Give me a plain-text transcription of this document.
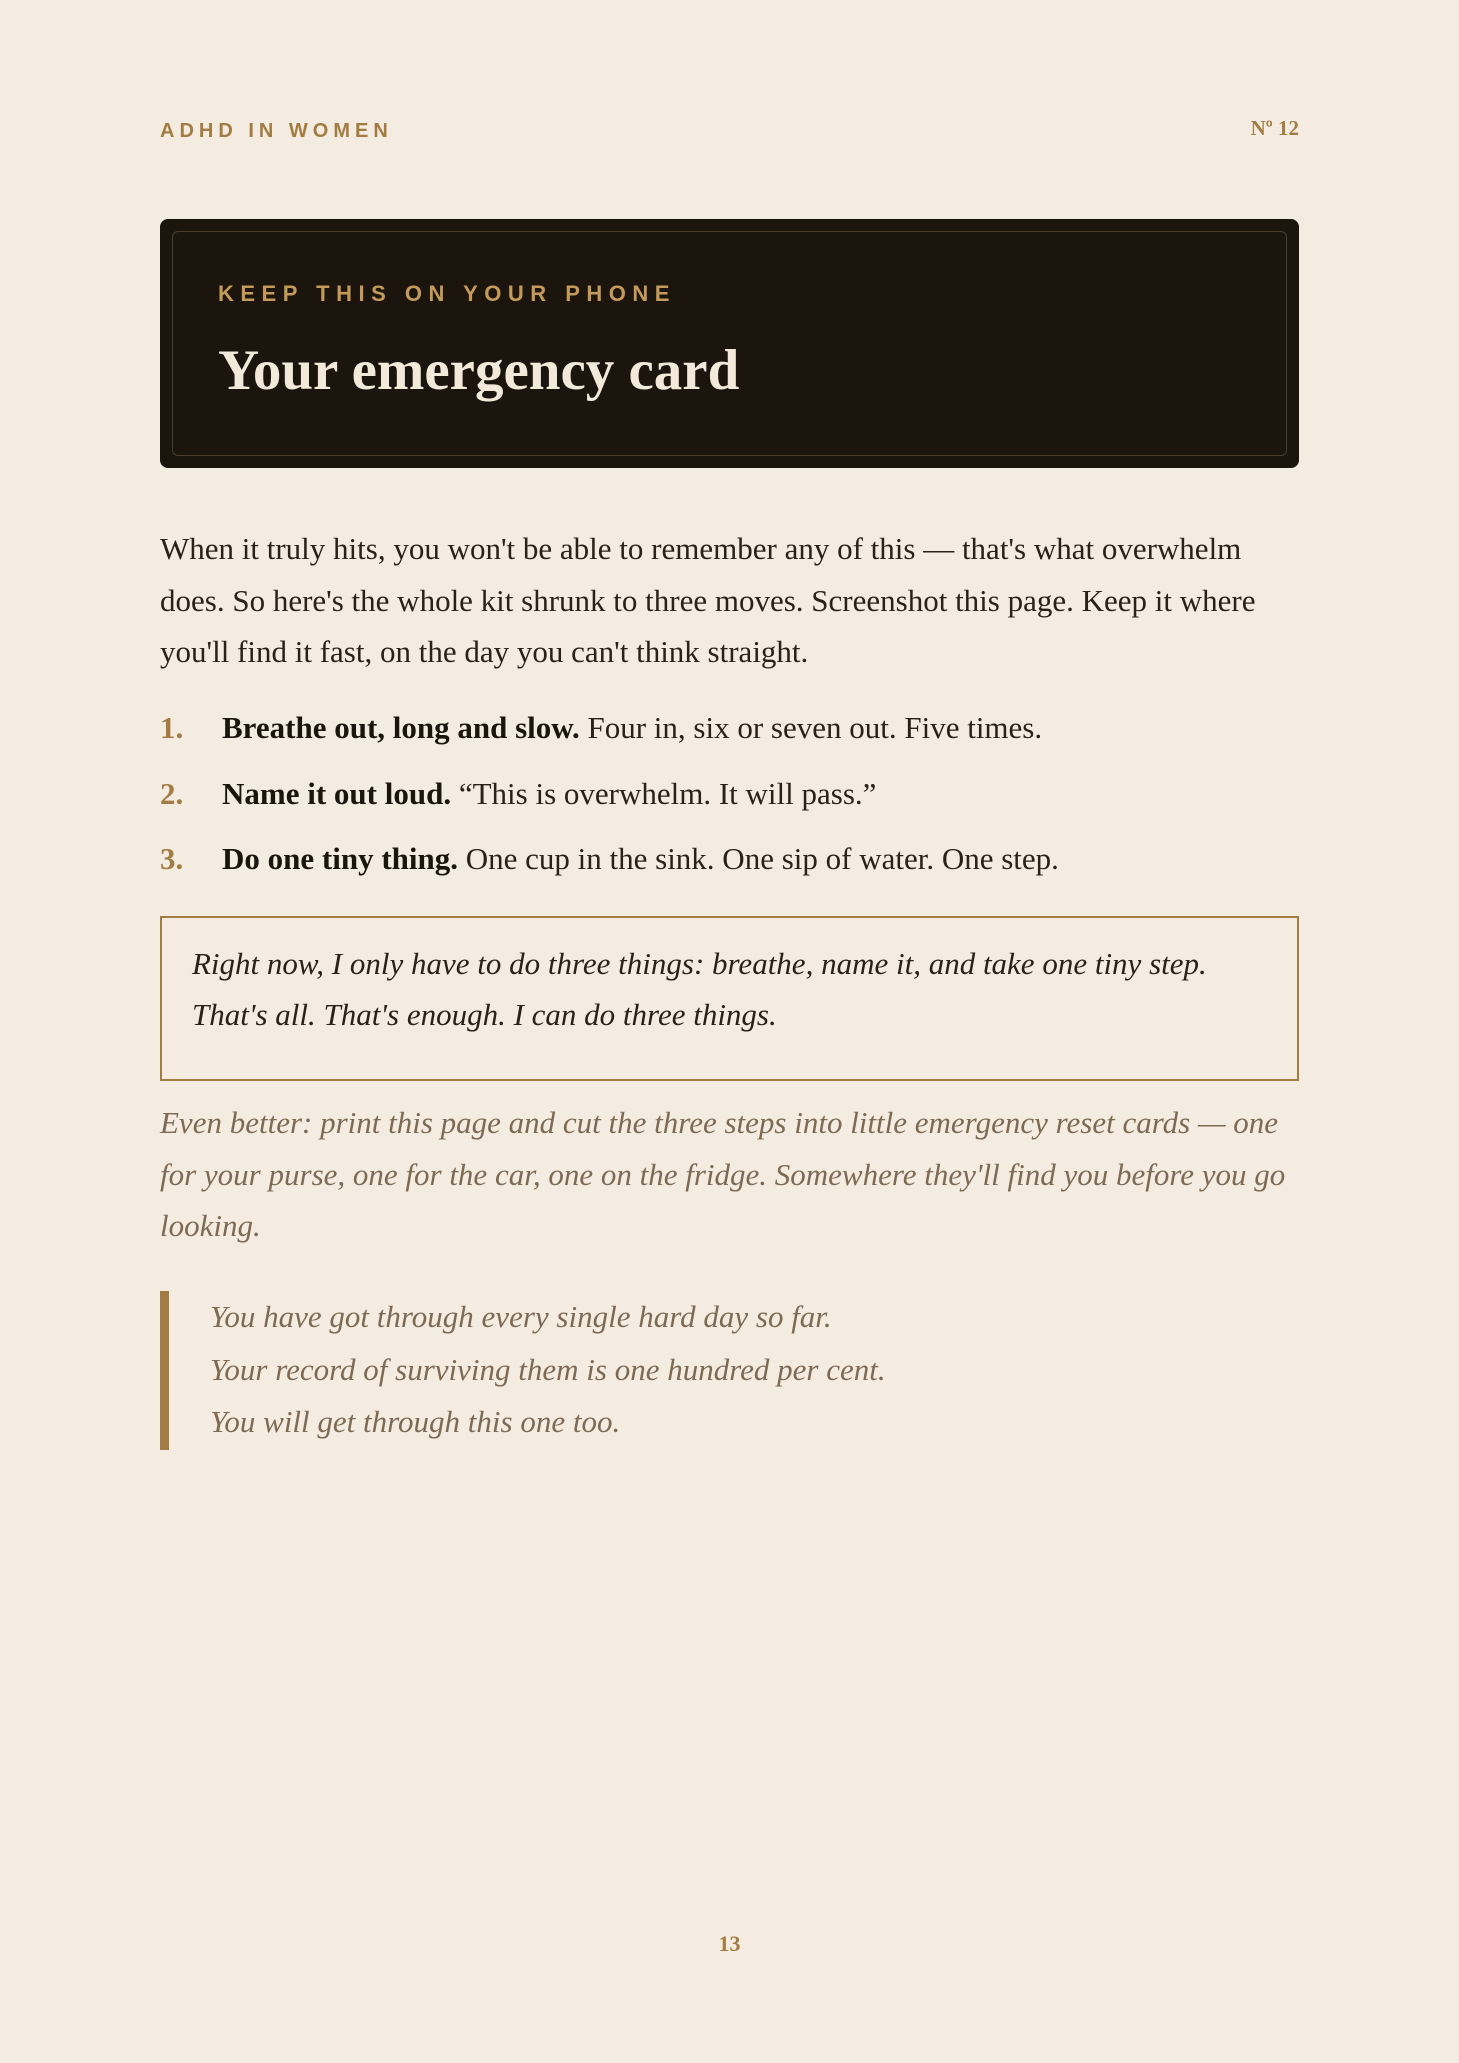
ADHD IN WOMEN	Nº 12
KEEP THIS ON YOUR PHONE
Your emergency card

When it truly hits, you won't be able to remember any of this — that's what overwhelm does. So here's the whole kit shrunk to three moves. Screenshot this page. Keep it where you'll find it fast, on the day you can't think straight.

1. Breathe out, long and slow. Four in, six or seven out. Five times.
2. Name it out loud. “This is overwhelm. It will pass.”
3. Do one tiny thing. One cup in the sink. One sip of water. One step.

Right now, I only have to do three things: breathe, name it, and take one tiny step. That's all. That's enough. I can do three things.

Even better: print this page and cut the three steps into little emergency reset cards — one for your purse, one for the car, one on the fridge. Somewhere they'll find you before you go looking.

You have got through every single hard day so far.
Your record of surviving them is one hundred per cent.
You will get through this one too.
13
